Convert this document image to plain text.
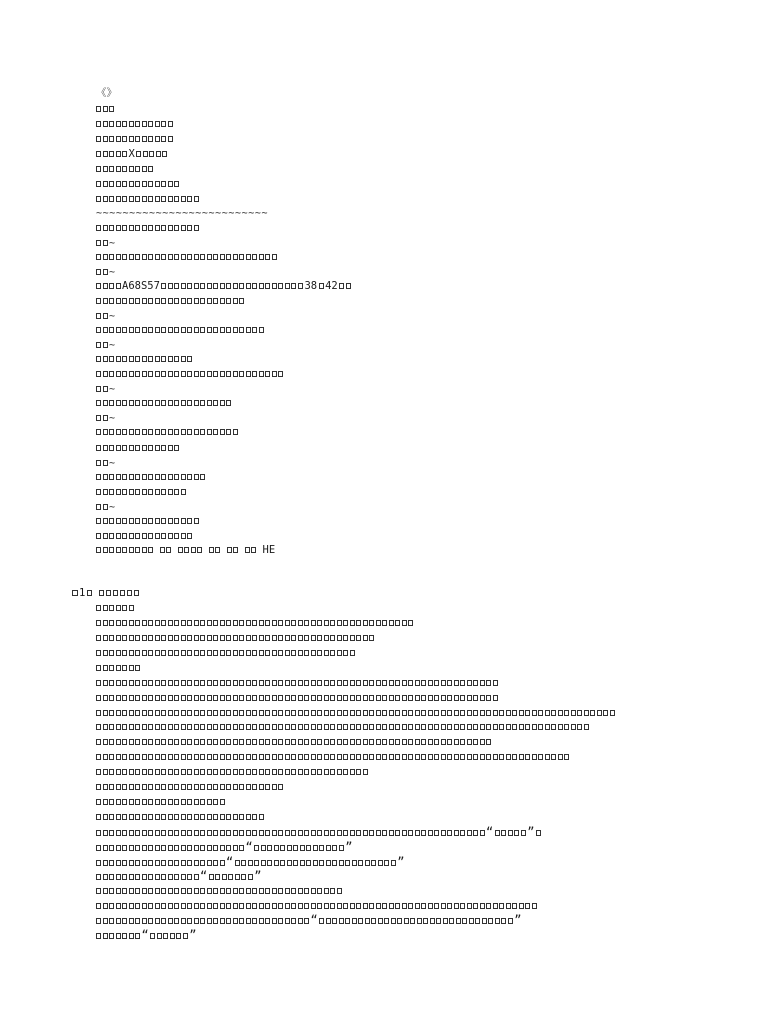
《》
X
~~~~~~~~~~~~~~~~~~~~~~~~~~
~
~
A68S57	38 42
~
~
~
~
~
~
HE
1
“	”
“	”
“	”
“	”
“	”
“	”
